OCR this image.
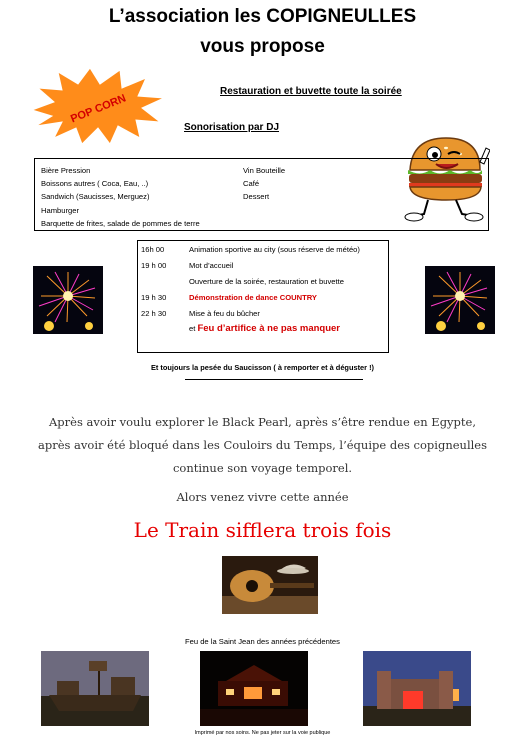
L’association les COPIGNEULLES
vous propose
POP CORN
Restauration et buvette toute la soirée
Sonorisation par DJ
Bière Pression
Boissons autres ( Coca, Eau, ..)
Sandwich (Saucisses, Merguez)
Hamburger
Barquette de frites, salade de pommes de terre
Vin Bouteille
Café
Dessert
16h 00	Animation sportive au city (sous réserve de météo)
19 h 00	Mot d’accueil
Ouverture de la soirée, restauration et buvette
19 h 30	Démonstration de dance COUNTRY
22 h 30	Mise à feu du bûcher
et Feu d’artifice à ne pas manquer
Et toujours la pesée du Saucisson ( à remporter et à déguster !)
Après avoir voulu explorer le Black Pearl, après s’être rendue en Egypte,
après avoir été bloqué dans les Couloirs du Temps, l’équipe des copigneulles
continue son voyage temporel.
Alors venez vivre cette année
Le Train sifflera trois fois
Feu de la Saint Jean des années précédentes
Imprimé par nos soins. Ne pas jeter sur la voie publique
